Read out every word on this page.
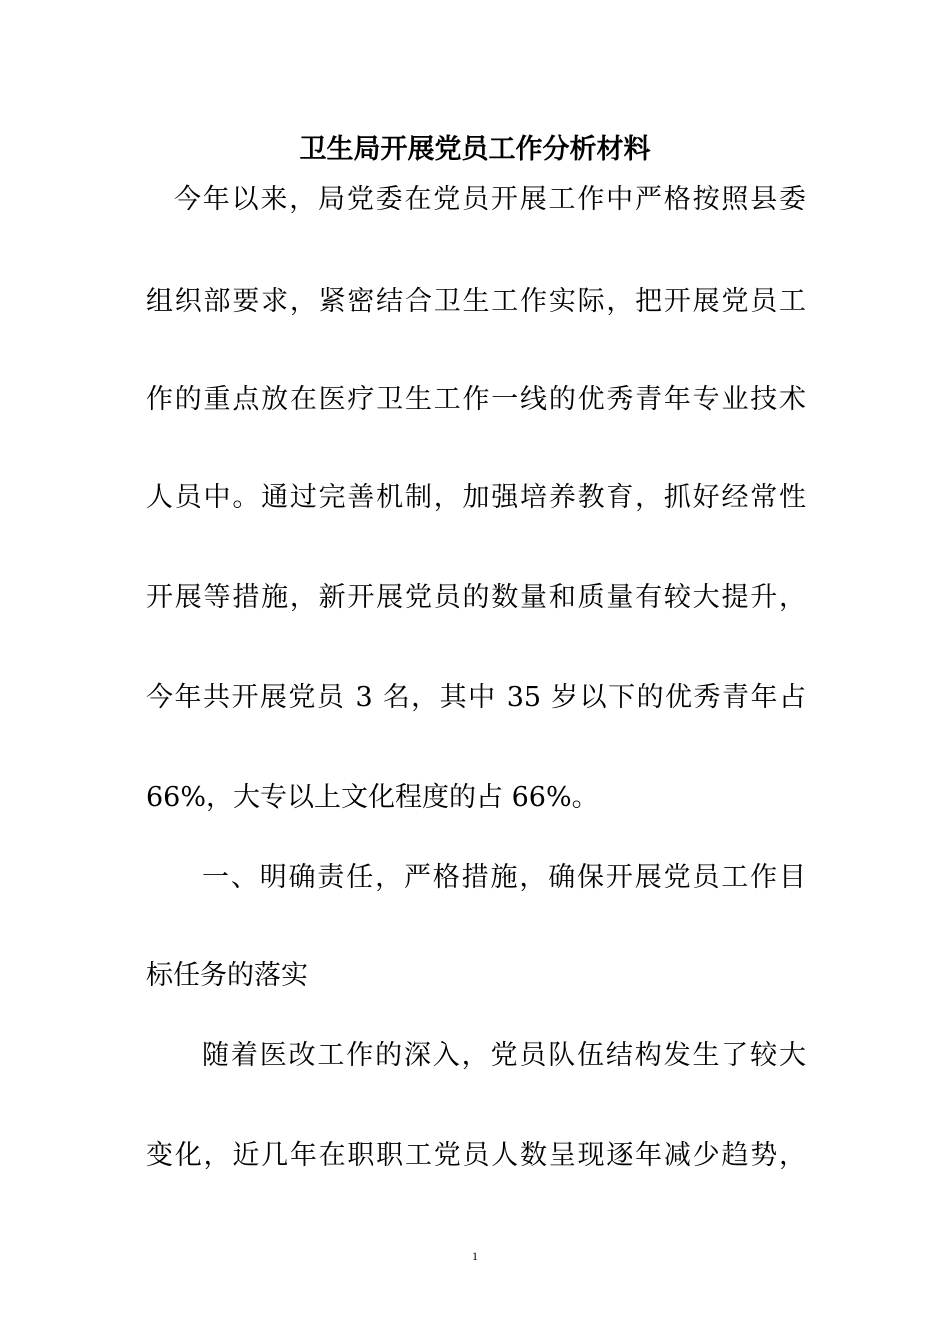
卫生局开展党员工作分析材料

今年以来，局党委在党员开展工作中严格按照县委

组织部要求，紧密结合卫生工作实际，把开展党员工

作的重点放在医疗卫生工作一线的优秀青年专业技术

人员中。通过完善机制，加强培养教育，抓好经常性

开展等措施，新开展党员的数量和质量有较大提升，

今年共开展党员 3 名，其中 35 岁以下的优秀青年占

66%，大专以上文化程度的占 66%。

一、明确责任，严格措施，确保开展党员工作目

标任务的落实

随着医改工作的深入，党员队伍结构发生了较大

变化，近几年在职职工党员人数呈现逐年减少趋势，

1
